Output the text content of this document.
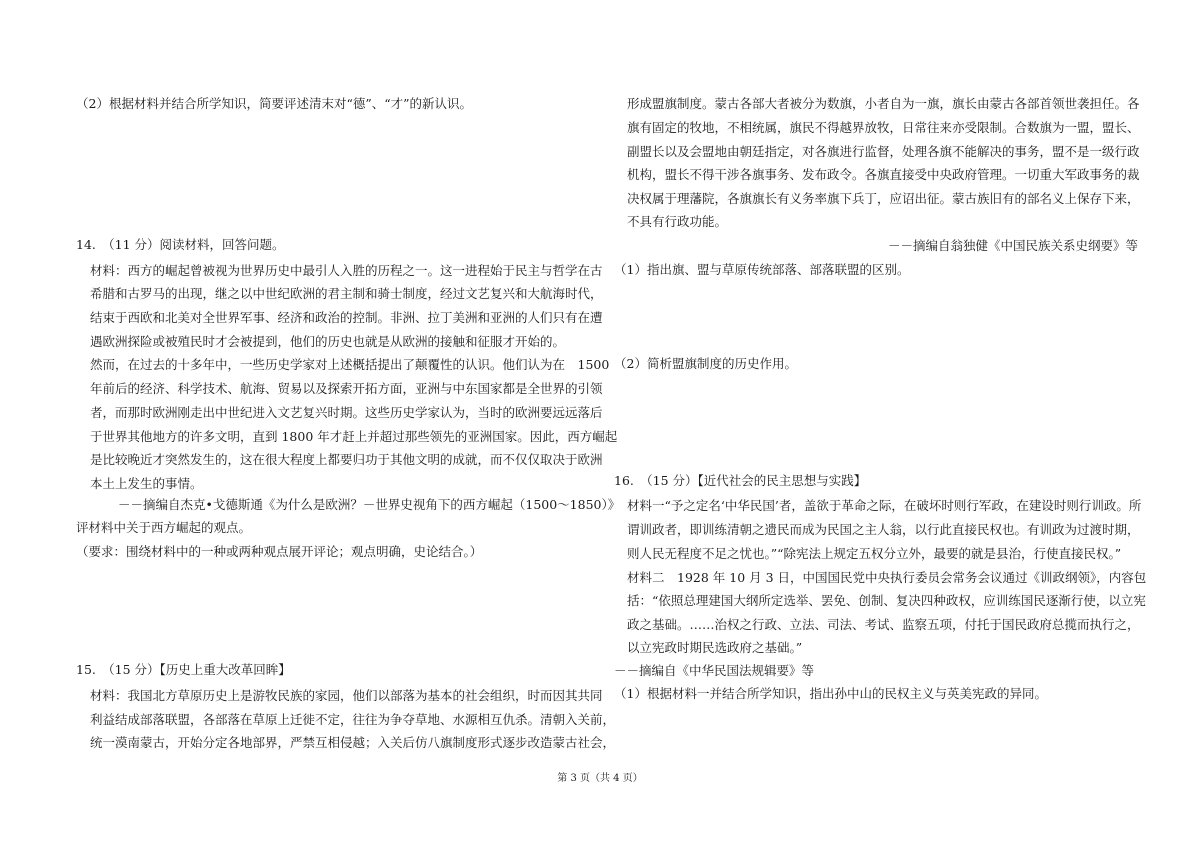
（2）根据材料并结合所学知识，简要评述清末对“德”、“才”的新认识。
14.　（11 分）阅读材料，回答问题。
材料：西方的崛起曾被视为世界历史中最引人入胜的历程之一。这一进程始于民主与哲学在古
希腊和古罗马的出现，继之以中世纪欧洲的君主制和骑士制度，经过文艺复兴和大航海时代，
结束于西欧和北美对全世界军事、经济和政治的控制。非洲、拉丁美洲和亚洲的人们只有在遭
遇欧洲探险或被殖民时才会被提到，他们的历史也就是从欧洲的接触和征服才开始的。
然而，在过去的十多年中，一些历史学家对上述概括提出了颠覆性的认识。他们认为在　1500
年前后的经济、科学技术、航海、贸易以及探索开拓方面，亚洲与中东国家都是全世界的引领
者，而那时欧洲刚走出中世纪进入文艺复兴时期。这些历史学家认为，当时的欧洲要远远落后
于世界其他地方的许多文明，直到 1800 年才赶上并超过那些领先的亚洲国家。因此，西方崛起
是比较晚近才突然发生的，这在很大程度上都要归功于其他文明的成就，而不仅仅取决于欧洲
本土上发生的事情。
－－摘编自杰克•戈德斯通《为什么是欧洲？－世界史视角下的西方崛起（1500～1850）》
评材料中关于西方崛起的观点。
（要求：围绕材料中的一种或两种观点展开评论；观点明确，史论结合。）
15.　（15 分）【历史上重大改革回眸】
材料：我国北方草原历史上是游牧民族的家园，他们以部落为基本的社会组织，时而因其共同
利益结成部落联盟，各部落在草原上迁徙不定，往往为争夺草地、水源相互仇杀。清朝入关前，
统一漠南蒙古，开始分定各地部界，严禁互相侵越；入关后仿八旗制度形式逐步改造蒙古社会，
形成盟旗制度。蒙古各部大者被分为数旗，小者自为一旗，旗长由蒙古各部首领世袭担任。各
旗有固定的牧地，不相统属，旗民不得越界放牧，日常往来亦受限制。合数旗为一盟，盟长、
副盟长以及会盟地由朝廷指定，对各旗进行监督，处理各旗不能解决的事务，盟不是一级行政
机构，盟长不得干涉各旗事务、发布政令。各旗直接受中央政府管理。一切重大军政事务的裁
决权属于理藩院，各旗旗长有义务率旗下兵丁，应诏出征。蒙古族旧有的部名义上保存下来，
不具有行政功能。
－－摘编自翁独健《中国民族关系史纲要》等
（1）指出旗、盟与草原传统部落、部落联盟的区别。
（2）简析盟旗制度的历史作用。
16.　（15 分）【近代社会的民主思想与实践】
材料一“予之定名‘中华民国’者，盖欲于革命之际，在破坏时则行军政，在建设时则行训政。所
谓训政者，即训练清朝之遗民而成为民国之主人翁，以行此直接民权也。有训政为过渡时期，
则人民无程度不足之忧也。”“除宪法上规定五权分立外，最要的就是县治，行使直接民权。”
材料二　1928 年 10 月 3 日，中国国民党中央执行委员会常务会议通过《训政纲领》，内容包
括：“依照总理建国大纲所定选举、罢免、创制、复决四种政权，应训练国民逐渐行使，以立宪
政之基础。……治权之行政、立法、司法、考试、监察五项，付托于国民政府总揽而执行之，
以立宪政时期民选政府之基础。”
－－摘编自《中华民国法规辑要》等
（1）根据材料一并结合所学知识，指出孙中山的民权主义与英美宪政的异同。
第 3 页（共 4 页）
